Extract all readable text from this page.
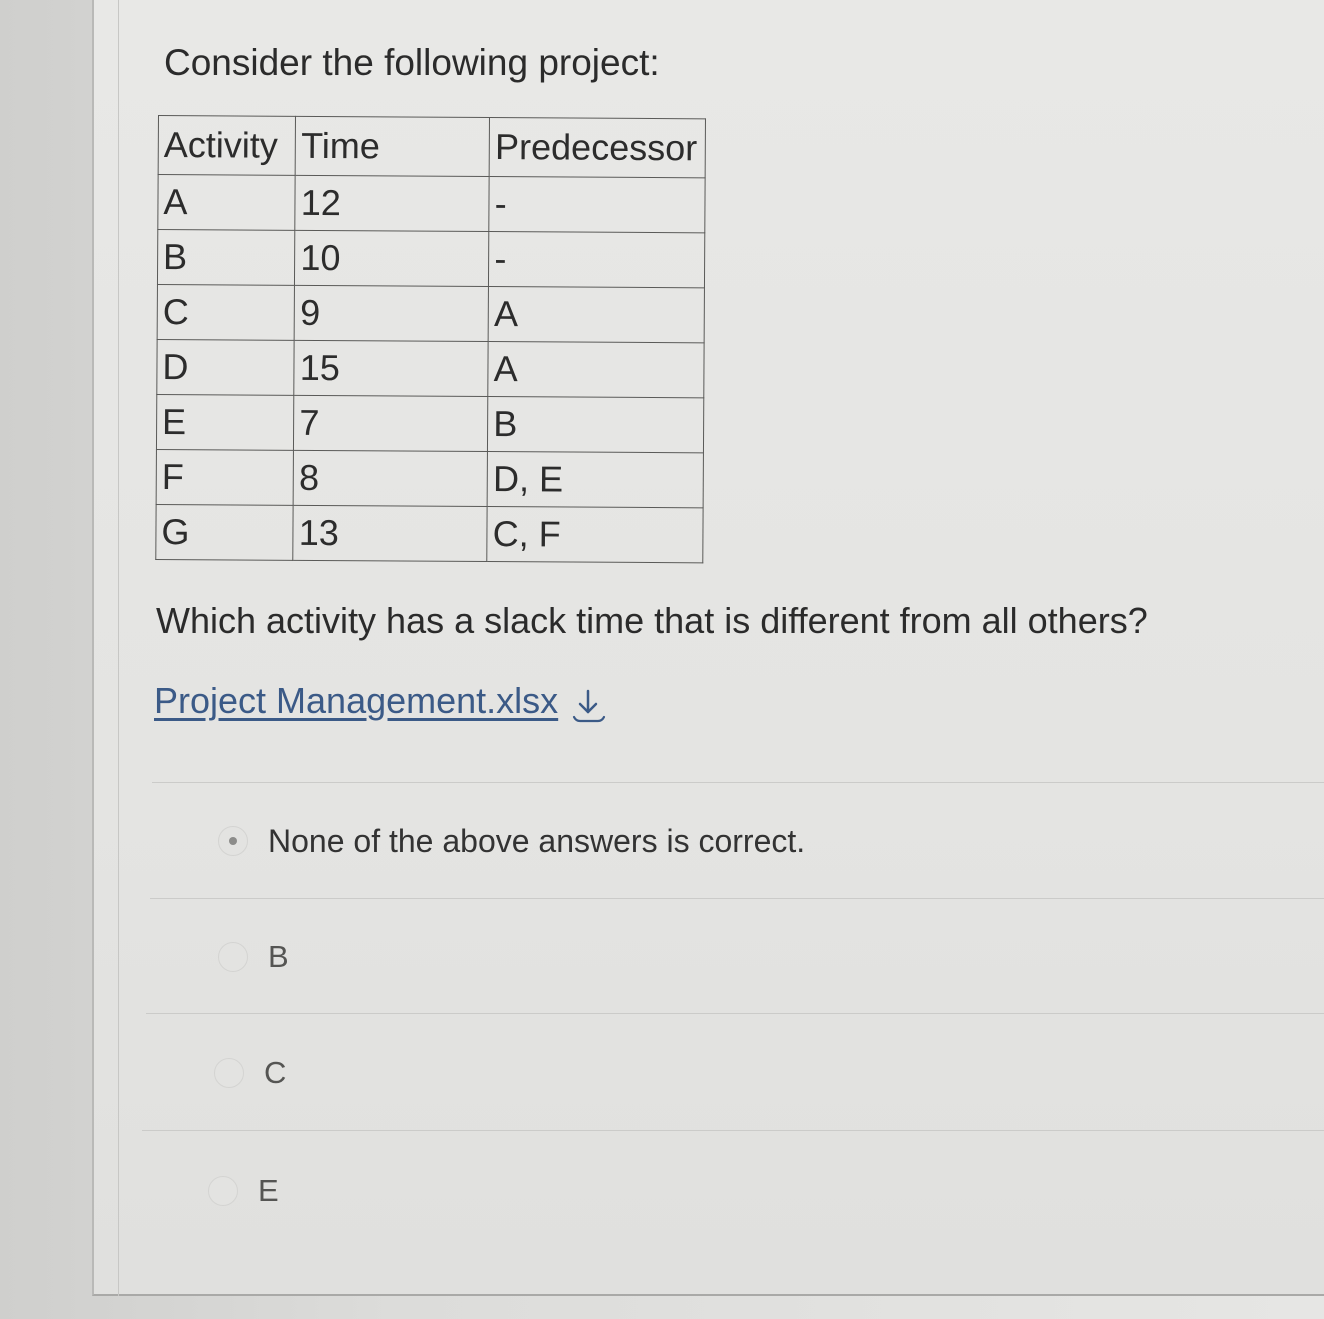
Consider the following project:
Activity	Time	Predecessor
A	12	-
B	10	-
C	9	A
D	15	A
E	7	B
F	8	D, E
G	13	C, F
Which activity has a slack time that is different from all others?
Project Management.xlsx
None of the above answers is correct.
B
C
E
